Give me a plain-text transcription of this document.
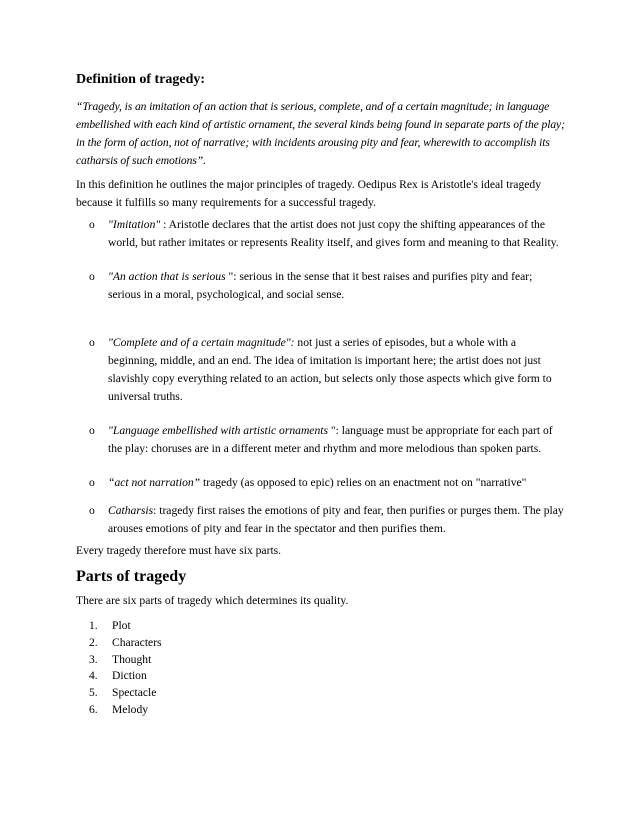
Definition of tragedy:

“Tragedy, is an imitation of an action that is serious, complete, and of a certain magnitude; in language embellished with each kind of artistic ornament, the several kinds being found in separate parts of the play; in the form of action, not of narrative; with incidents arousing pity and fear, wherewith to accomplish its catharsis of such emotions”.

In this definition he outlines the major principles of tragedy. Oedipus Rex is Aristotle's ideal tragedy because it fulfills so many requirements for a successful tragedy.

o "Imitation" : Aristotle declares that the artist does not just copy the shifting appearances of the world, but rather imitates or represents Reality itself, and gives form and meaning to that Reality.
o "An action that is serious ": serious in the sense that it best raises and purifies pity and fear; serious in a moral, psychological, and social sense.
o "Complete and of a certain magnitude": not just a series of episodes, but a whole with a beginning, middle, and an end. The idea of imitation is important here; the artist does not just slavishly copy everything related to an action, but selects only those aspects which give form to universal truths.
o "Language embellished with artistic ornaments ": language must be appropriate for each part of the play: choruses are in a different meter and rhythm and more melodious than spoken parts.
o “act not narration” tragedy (as opposed to epic) relies on an enactment not on "narrative"
o Catharsis: tragedy first raises the emotions of pity and fear, then purifies or purges them. The play arouses emotions of pity and fear in the spectator and then purifies them.

Every tragedy therefore must have six parts.

Parts of tragedy

There are six parts of tragedy which determines its quality.

1. Plot
2. Characters
3. Thought
4. Diction
5. Spectacle
6. Melody
